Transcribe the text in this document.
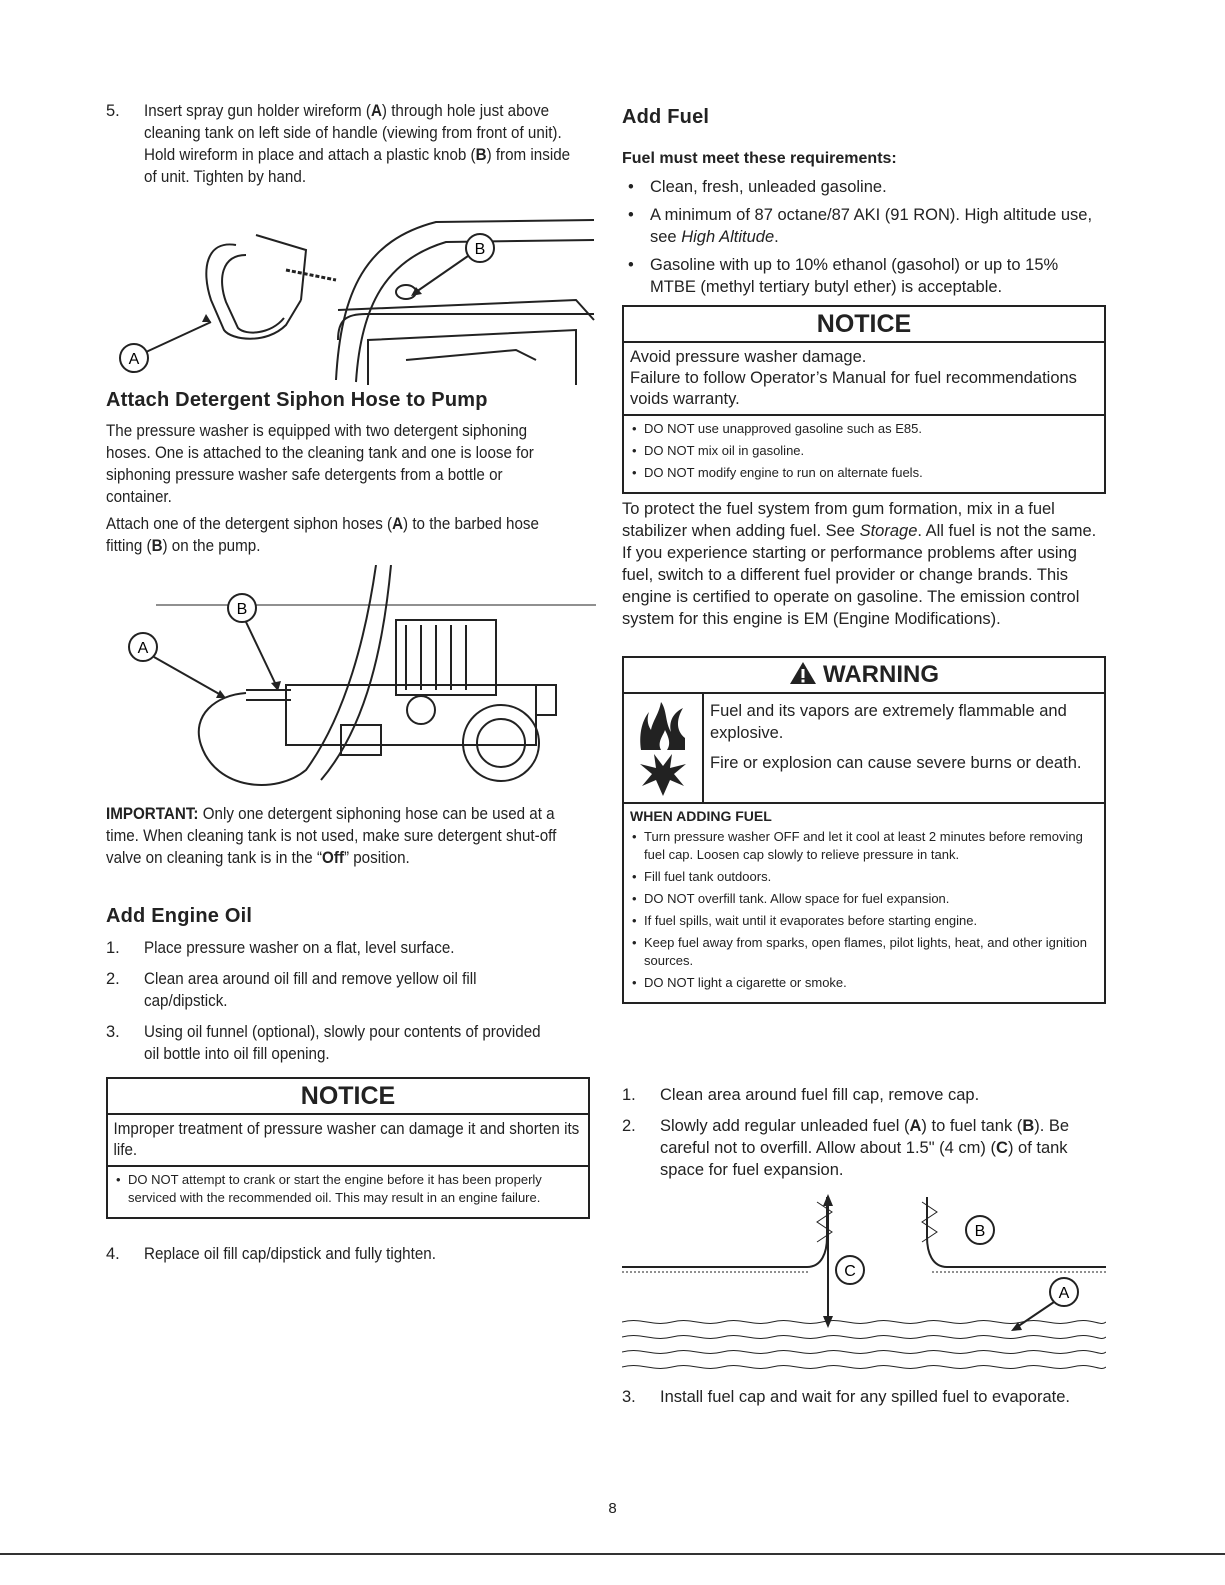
5. Insert spray gun holder wireform (A) through hole just above cleaning tank on left side of handle (viewing from front of unit). Hold wireform in place and attach a plastic knob (B) from inside of unit. Tighten by hand.
A
B
Attach Detergent Siphon Hose to Pump
The pressure washer is equipped with two detergent siphoning hoses. One is attached to the cleaning tank and one is loose for siphoning pressure washer safe detergents from a bottle or container.
Attach one of the detergent siphon hoses (A) to the barbed hose fitting (B) on the pump.
A
B
IMPORTANT: Only one detergent siphoning hose can be used at a time. When cleaning tank is not used, make sure detergent shut-off valve on cleaning tank is in the “Off” position.
Add Engine Oil
1. Place pressure washer on a flat, level surface.
2. Clean area around oil fill and remove yellow oil fill cap/dipstick.
3. Using oil funnel (optional), slowly pour contents of provided oil bottle into oil fill opening.
NOTICE
Improper treatment of pressure washer can damage it and shorten its life.
• DO NOT attempt to crank or start the engine before it has been properly serviced with the recommended oil. This may result in an engine failure.
4. Replace oil fill cap/dipstick and fully tighten.
Add Fuel
Fuel must meet these requirements:
• Clean, fresh, unleaded gasoline.
• A minimum of 87 octane/87 AKI (91 RON). High altitude use, see High Altitude.
• Gasoline with up to 10% ethanol (gasohol) or up to 15% MTBE (methyl tertiary butyl ether) is acceptable.
NOTICE
Avoid pressure washer damage.
Failure to follow Operator’s Manual for fuel recommendations voids warranty.
• DO NOT use unapproved gasoline such as E85.
• DO NOT mix oil in gasoline.
• DO NOT modify engine to run on alternate fuels.
To protect the fuel system from gum formation, mix in a fuel stabilizer when adding fuel. See Storage. All fuel is not the same. If you experience starting or performance problems after using fuel, switch to a different fuel provider or change brands. This engine is certified to operate on gasoline. The emission control system for this engine is EM (Engine Modifications).
WARNING
Fuel and its vapors are extremely flammable and explosive.
Fire or explosion can cause severe burns or death.
WHEN ADDING FUEL
• Turn pressure washer OFF and let it cool at least 2 minutes before removing fuel cap. Loosen cap slowly to relieve pressure in tank.
• Fill fuel tank outdoors.
• DO NOT overfill tank. Allow space for fuel expansion.
• If fuel spills, wait until it evaporates before starting engine.
• Keep fuel away from sparks, open flames, pilot lights, heat, and other ignition sources.
• DO NOT light a cigarette or smoke.
1. Clean area around fuel fill cap, remove cap.
2. Slowly add regular unleaded fuel (A) to fuel tank (B). Be careful not to overfill. Allow about 1.5" (4 cm) (C) of tank space for fuel expansion.
C
B
A
3. Install fuel cap and wait for any spilled fuel to evaporate.
8
